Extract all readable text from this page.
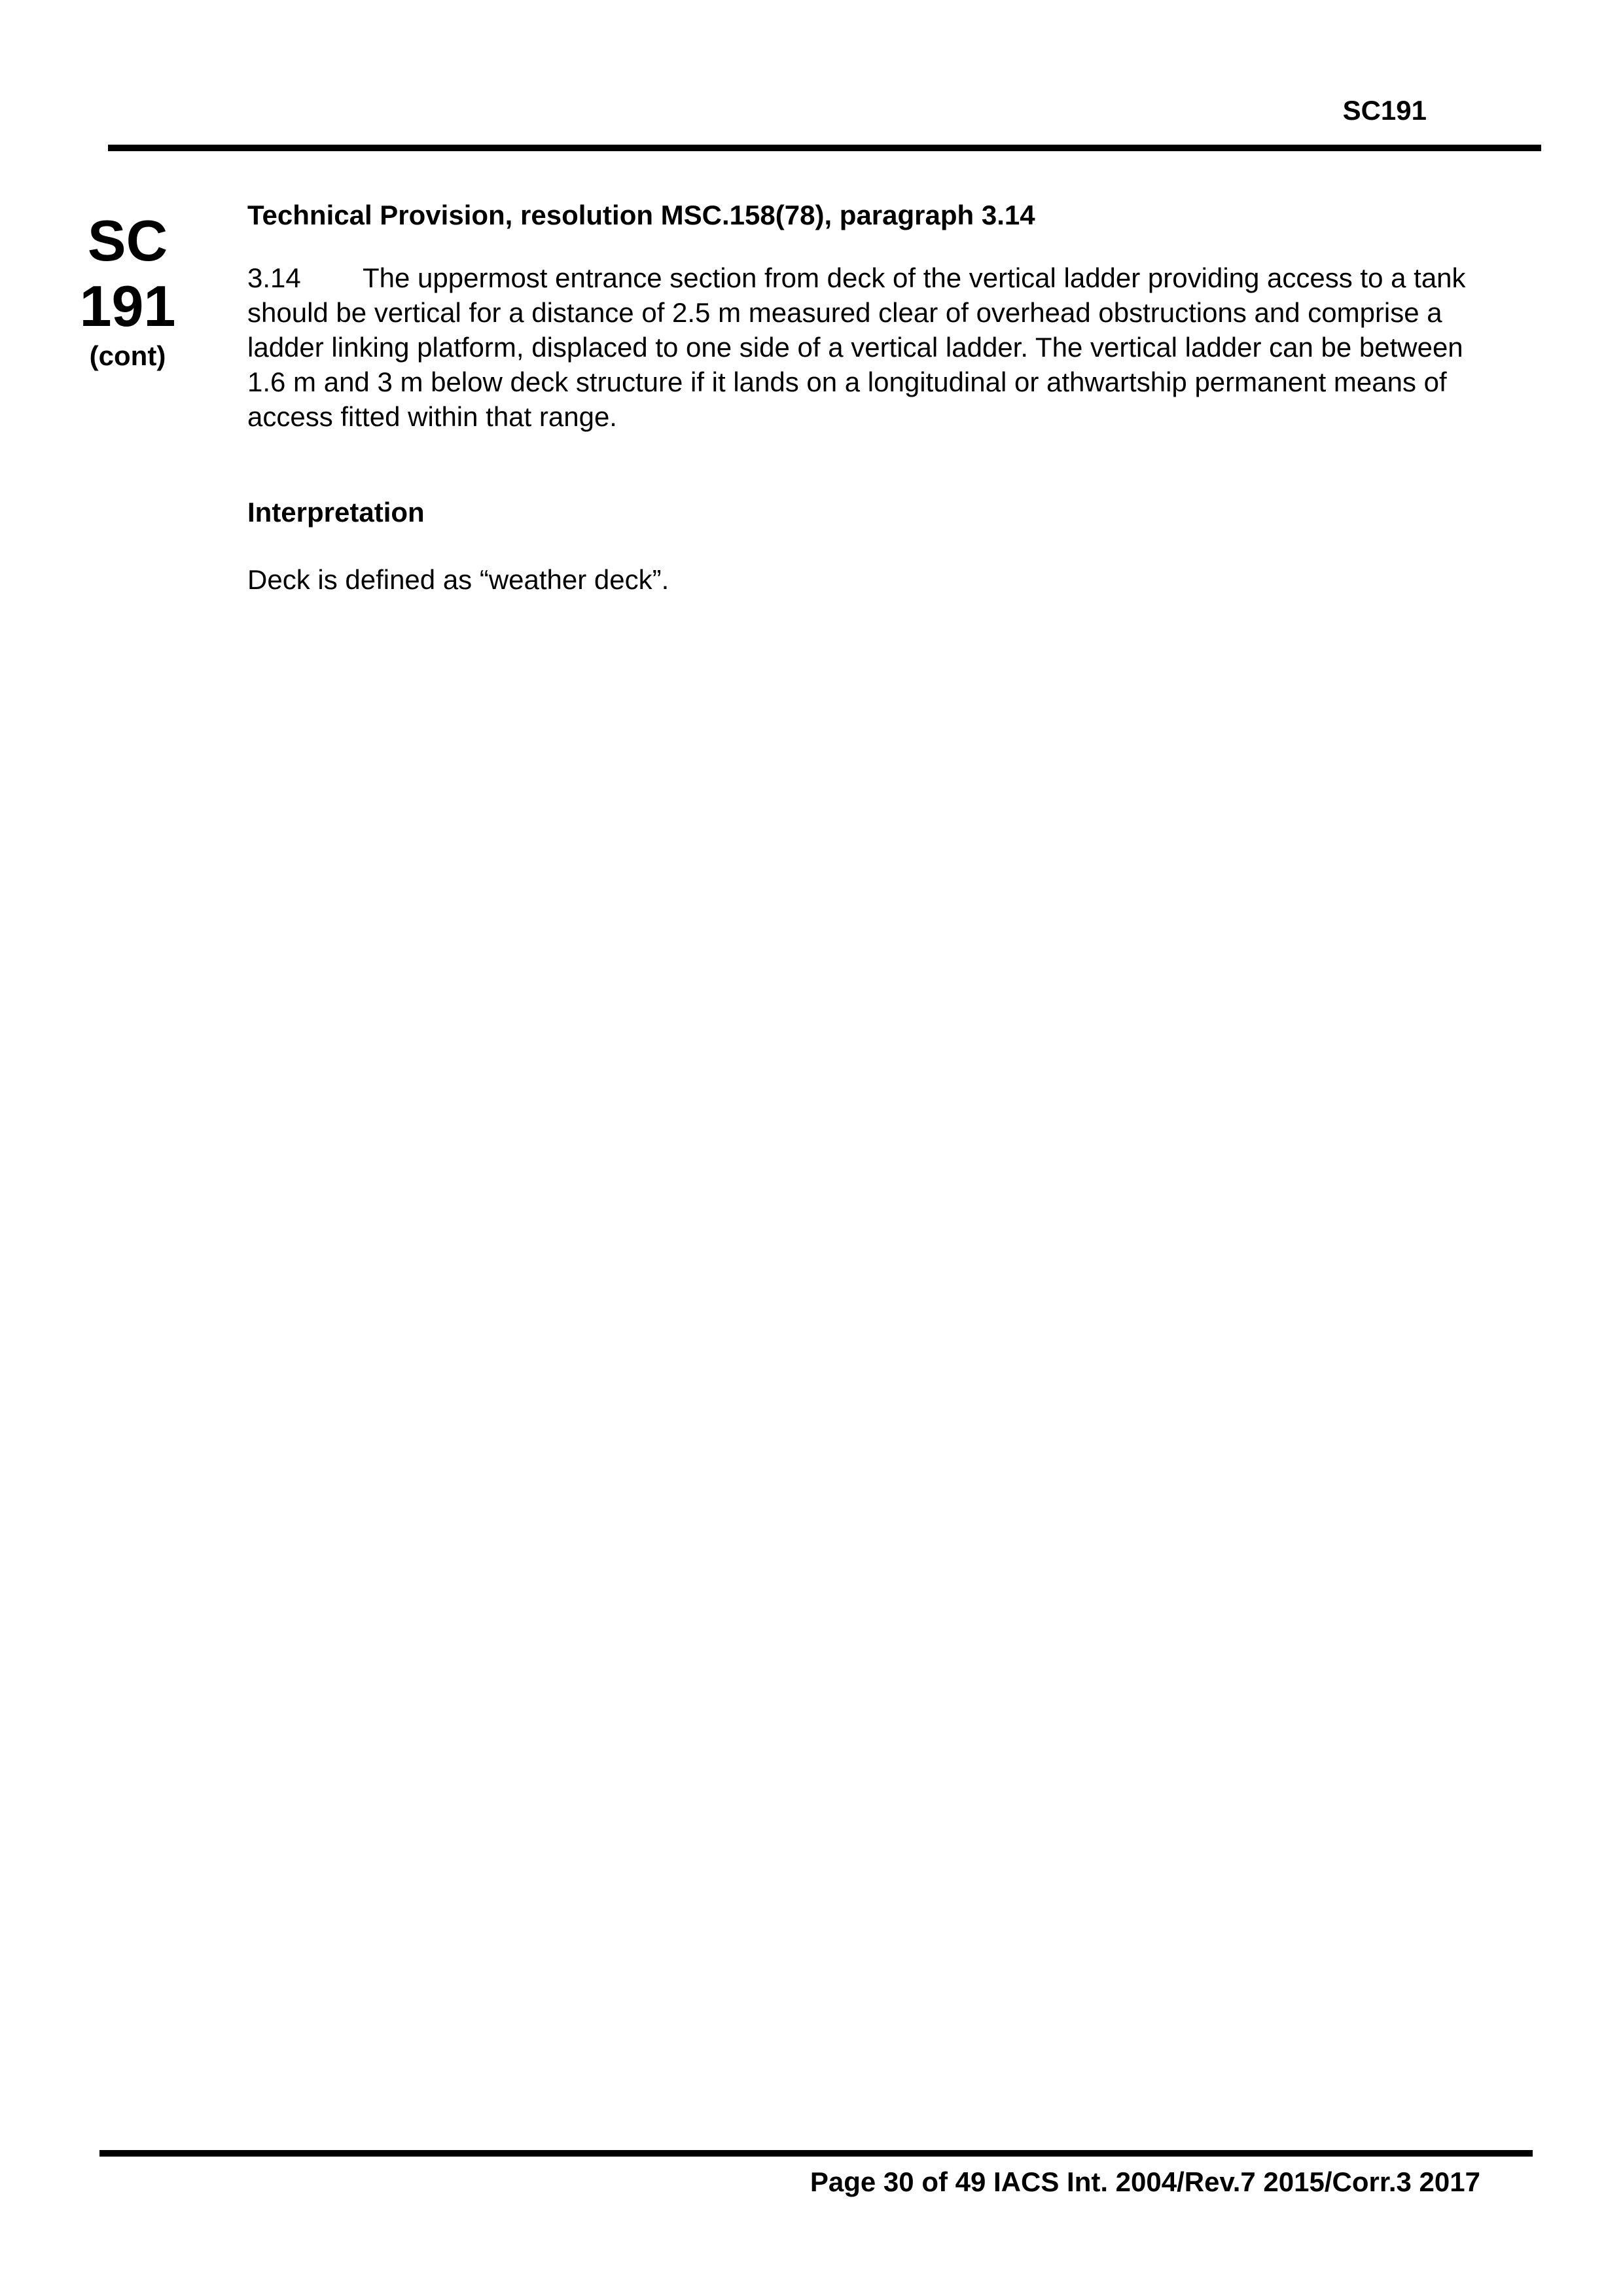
SC191
SC
191
(cont)

Technical Provision, resolution MSC.158(78), paragraph 3.14

3.14 The uppermost entrance section from deck of the vertical ladder providing access to a tank should be vertical for a distance of 2.5 m measured clear of overhead obstructions and comprise a ladder linking platform, displaced to one side of a vertical ladder. The vertical ladder can be between 1.6 m and 3 m below deck structure if it lands on a longitudinal or athwartship permanent means of access fitted within that range.

Interpretation

Deck is defined as “weather deck”.

Page 30 of 49 IACS Int. 2004/Rev.7 2015/Corr.3 2017
